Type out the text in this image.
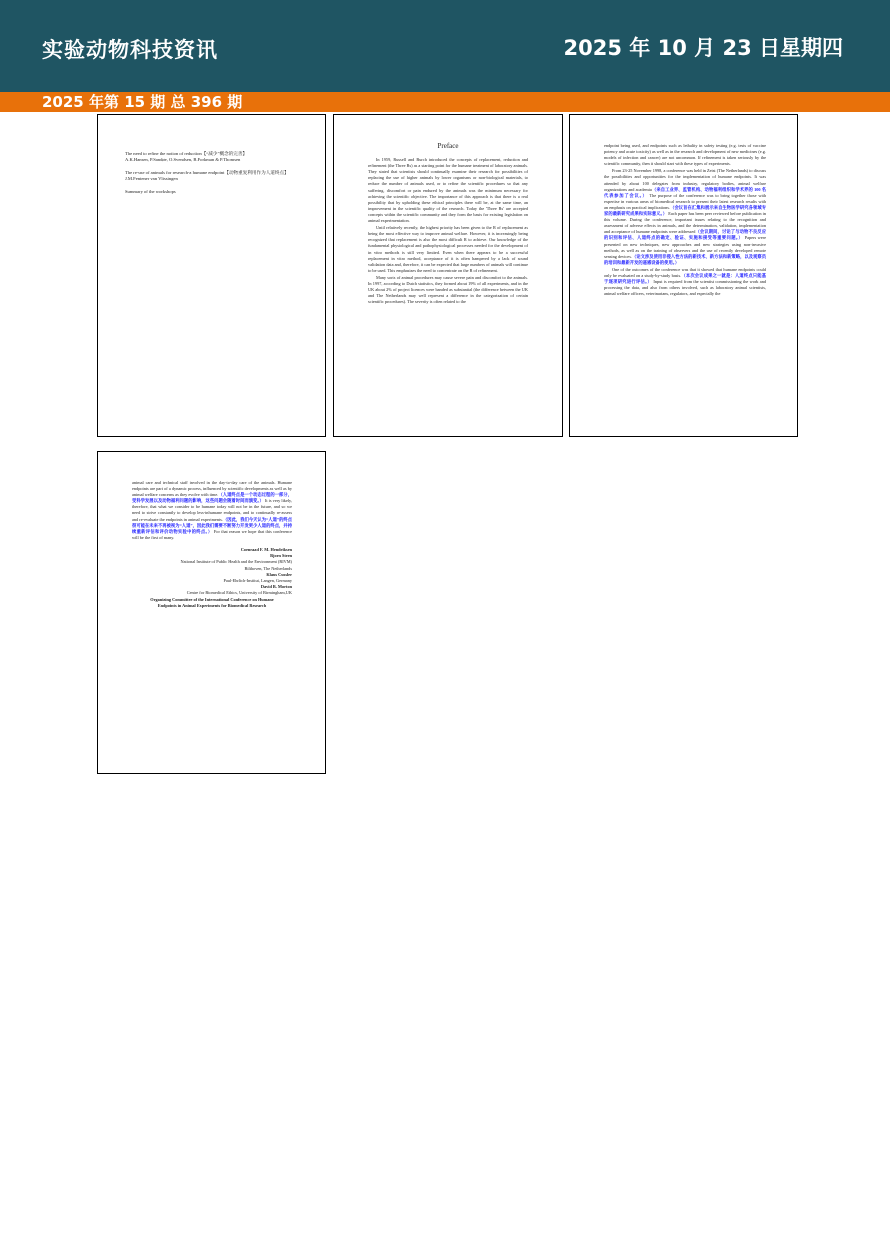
实验动物科技资讯	2025 年 10 月 23 日星期四
2025 年第 15 期 总 396 期
The need to refine the notion of reduction【“减少”概念的完善】
A.K.Hansen, P.Sandøe, O.Svendsen, B.Forkman & P.Thomsen
The re-use of animals for research-a humane endpoint【动物重复利用作为人道终点】
J.M.Fentener van Vlissingen
Summary of the workshops
Preface

In 1959, Russell and Burch introduced the concepts of replacement, reduction and refinement (the Three Rs) as a starting point for the humane treatment of laboratory animals. They stated that scientists should continually examine their research for possibilities of replacing the use of higher animals by lower organisms or non-biological materials, to reduce the number of animals used, or to refine the scientific procedures so that any suffering, discomfort or pain endured by the animals was the minimum necessary for achieving the scientific objective. The importance of this approach is that there is a real possibility that by upholding these ethical principles there will be, at the same time, an improvement in the scientific quality of the research. Today the 'Three Rs' are accepted concepts within the scientific community and they form the basis for existing legislation on animal experimentation.

Until relatively recently, the highest priority has been given to the R of replacement as being the most effective way to improve animal welfare. However, it is increasingly being recognized that replacement is also the most difficult R to achieve. Our knowledge of the fundamental physiological and pathophysiological processes needed for the development of in vitro methods is still very limited. Even when there appears to be a successful replacement in vitro method, acceptance of it is often hampered by a lack of sound validation data and, therefore, it can be expected that large numbers of animals will continue to be used. This emphasizes the need to concentrate on the R of refinement.

Many sorts of animal procedures may cause severe pain and discomfort to the animals. In 1997, according to Dutch statistics, they formed about 19% of all experiments, and in the UK about 2% of project licences were banded as substantial (the difference between the UK and The Netherlands may well represent a difference in the categorization of certain scientific procedures). The severity is often related to the

endpoint being used, and endpoints such as lethality in safety testing (e.g. tests of vaccine potency and acute toxicity) as well as in the research and development of new medicines (e.g. models of infection and cancer) are not uncommon. If refinement is taken seriously by the scientific community, then it should start with these types of experiments.

From 23-25 November 1998, a conference was held in Zeist (The Netherlands) to discuss the possibilities and opportunities for the implementation of humane endpoints. It was attended by about 100 delegates from industry, regulatory bodies, animal welfare organizations and academia（来自工业界、监管机构、动物福利组织和学术界的 100 名代表参加了会议。） The purpose of the conference was to bring together those with expertise in various areas of biomedical research to present their latest research results with an emphasis on practical implications.（会议旨在汇集和展示来自生物医学研究各领域专家的最新研究成果和实际意义。） Each paper has been peer reviewed before publication in this volume. During the conference, important issues relating to the recognition and assessment of adverse effects in animals, and the determination, validation, implementation and acceptance of humane endpoints were addressed（会议期间，讨论了与动物不良反应的识别和评估、人道终点的确定、验证、实施和接受等重要问题。） Papers were presented on new techniques, new approaches and new strategies using non-invasive methods, as well as on the training of observers and the use of recently developed remote sensing devices.（论文涉及使用非侵入性方法的新技术、新方法和新策略，以及观察员的培训和最新开发的遥感设备的使用。）

One of the outcomes of the conference was that it showed that humane endpoints could only be evaluated on a study-by-study basis.（本次会议成果之一就是：人道终点只能基于逐项研究进行评估。） Input is required from the scientist commissioning the work and processing the data, and also from others involved, such as laboratory animal scientists, animal welfare officers, veterinarians, regulators, and especially the

animal care and technical staff involved in the day-to-day care of the animals. Humane endpoints are part of a dynamic process, influenced by scientific developments as well as by animal welfare concerns as they evolve with time.（人道终点是一个动态过程的一部分，受科学发展以及动物福利问题的影响，这些问题会随着时间而演变。） It is very likely, therefore, that what we consider to be humane today will not be in the future, and so we need to strive constantly to develop less-inhumane endpoints, and to continually re-assess and re-evaluate the endpoints in animal experiments.（因此，我们今天认为“人道”的终点很可能在未来不再被视为“人道”，因此我们需要不断努力开发更少人道的终点，并持续重新评估和评价动物实验中的终点。） For that reason we hope that this conference will be the first of many.

Coenraad F. M. Hendriksen
Bjorn Steen
National Institute of Public Health and the Environment (RIVM)
Bilthoven, The Netherlands
Klaus Cussler
Paul-Ehrlich-Institut, Langen, Germany
David B. Morton
Centre for Biomedical Ethics, University of Birmingham,UK
Organizing Committee of the International Conference on Humane
Endpoints in Animal Experiments for Biomedical Research
